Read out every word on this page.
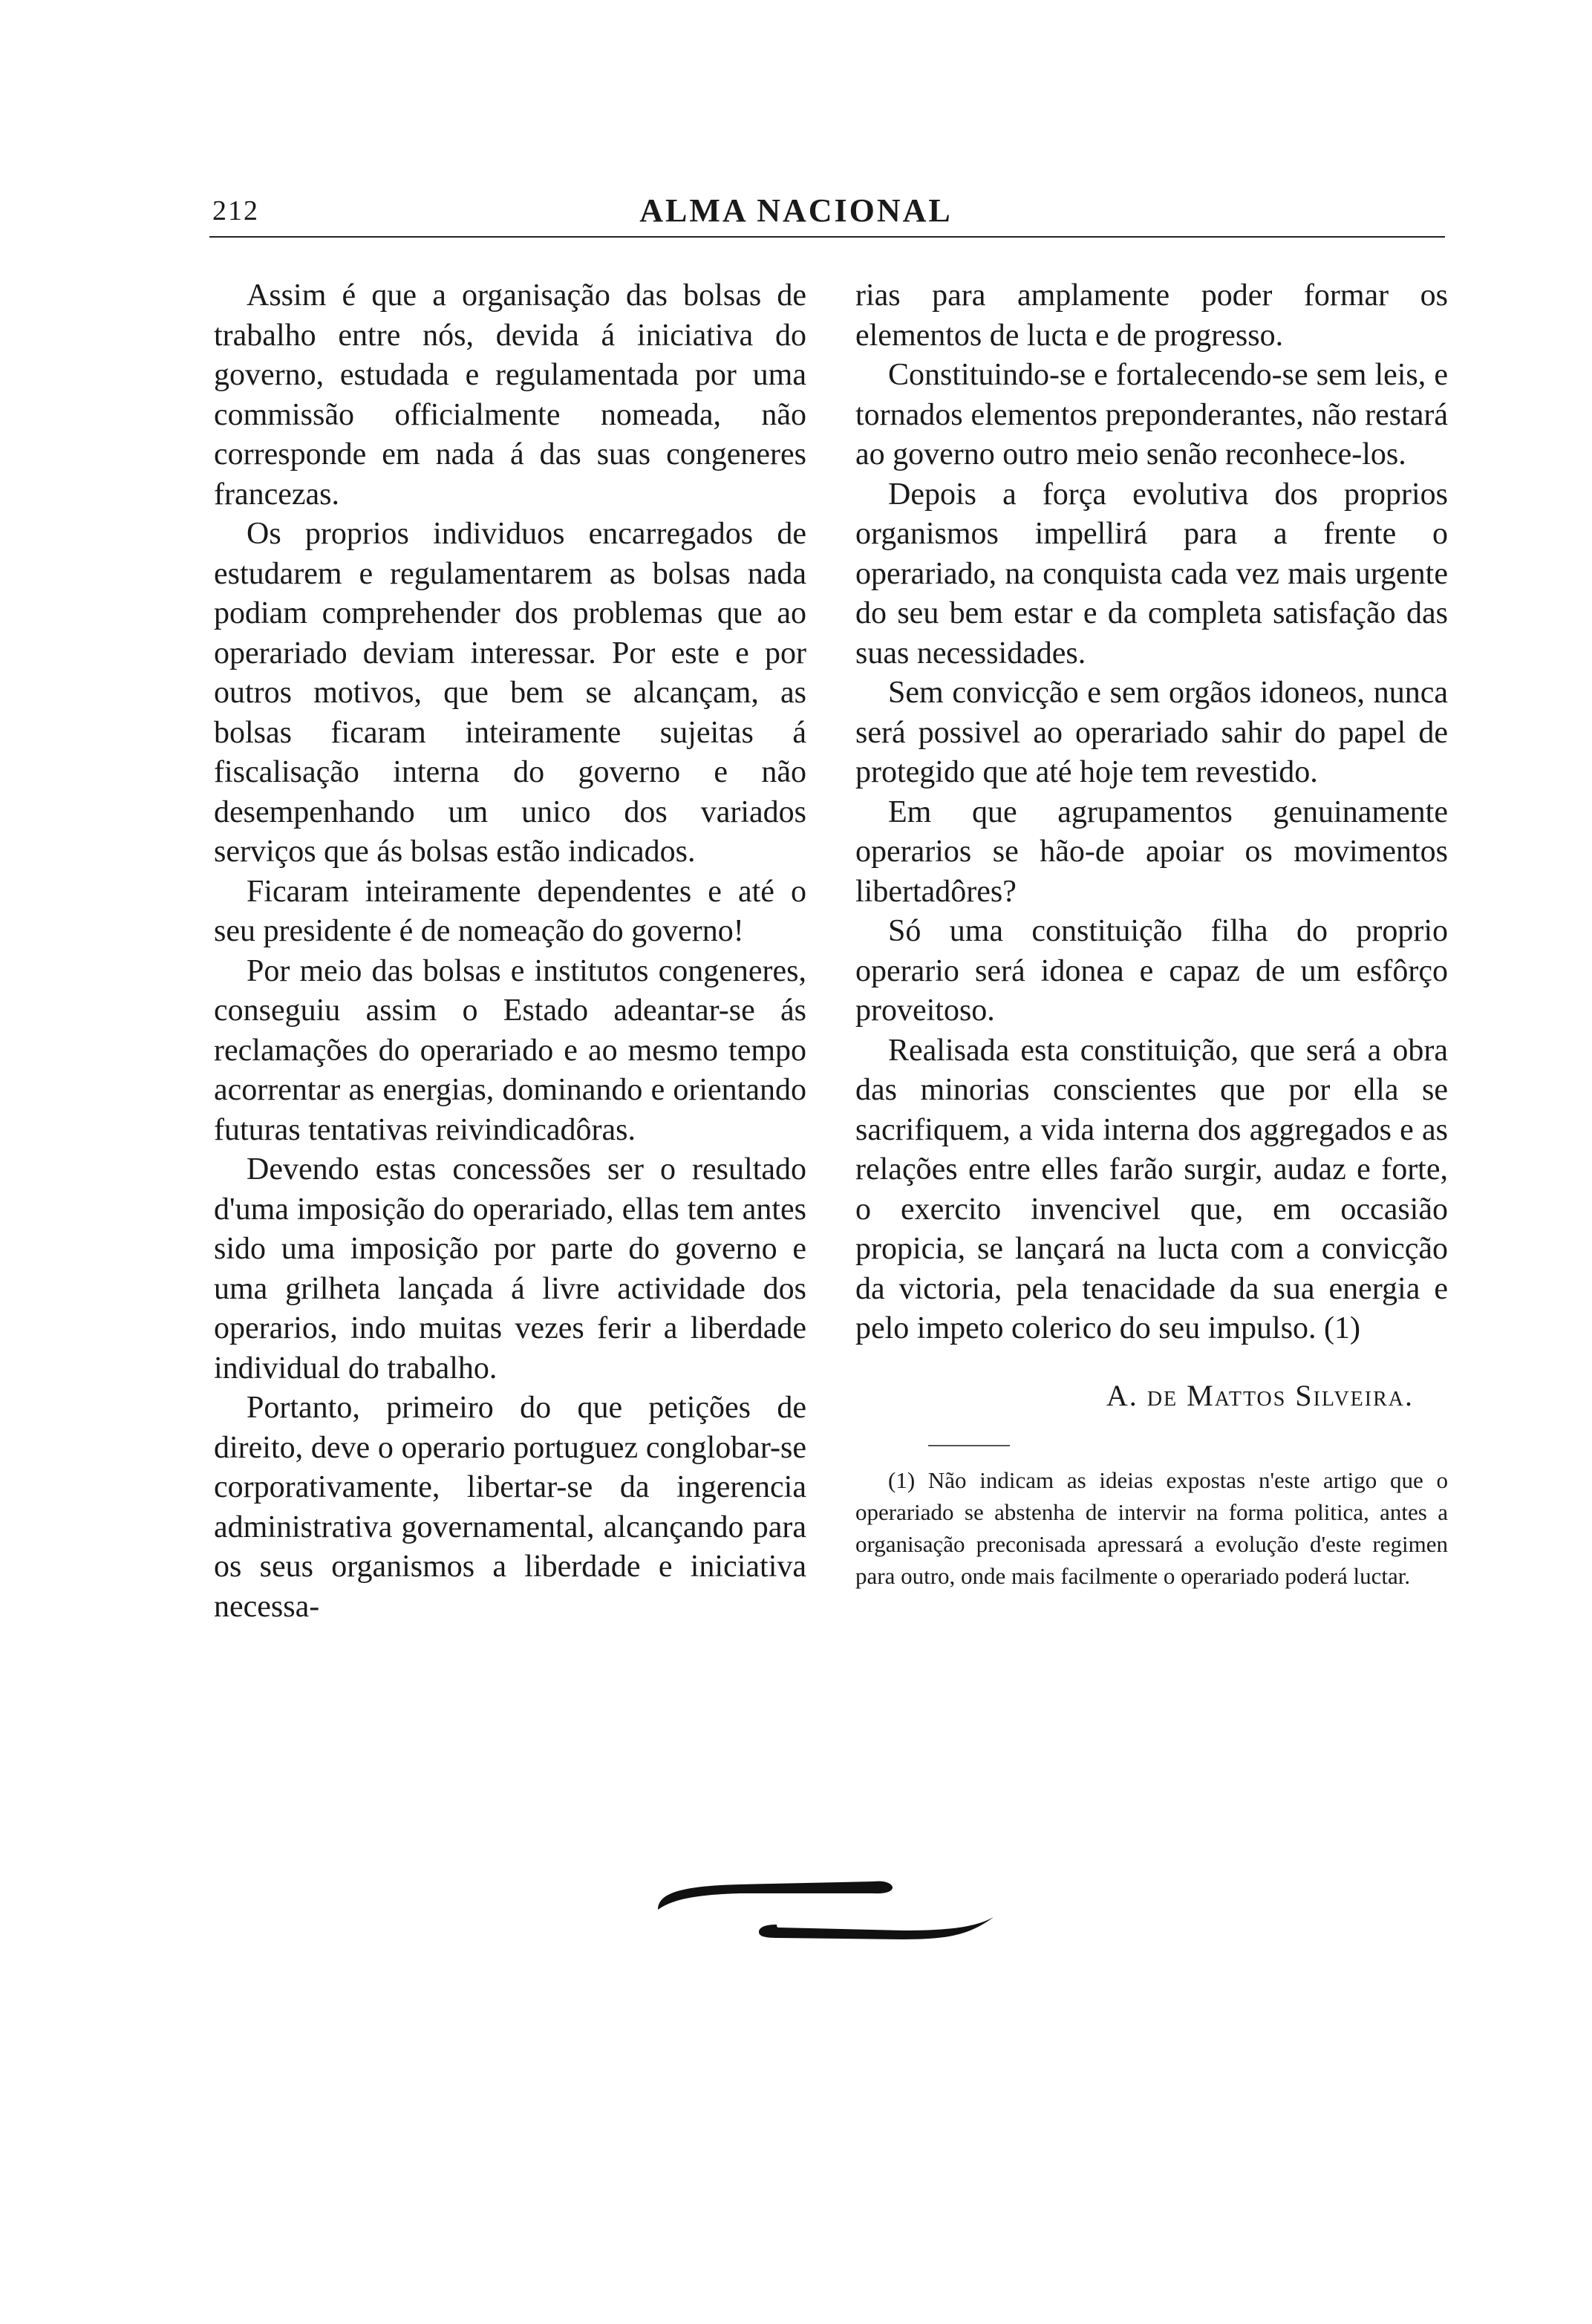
212	ALMA NACIONAL

Assim é que a organisação das bolsas de trabalho entre nós, devida á iniciativa do governo, estudada e regulamentada por uma commissão officialmente nomeada, não corresponde em nada á das suas congeneres francezas.

Os proprios individuos encarregados de estudarem e regulamentarem as bolsas nada podiam comprehender dos problemas que ao operariado deviam interessar. Por este e por outros motivos, que bem se alcançam, as bolsas ficaram inteiramente sujeitas á fiscalisação interna do governo e não desempenhando um unico dos variados serviços que ás bolsas estão indicados.

Ficaram inteiramente dependentes e até o seu presidente é de nomeação do governo!

Por meio das bolsas e institutos congeneres, conseguiu assim o Estado adeantar-se ás reclamações do operariado e ao mesmo tempo acorrentar as energias, dominando e orientando futuras tentativas reivindicadôras.

Devendo estas concessões ser o resultado d'uma imposição do operariado, ellas tem antes sido uma imposição por parte do governo e uma grilheta lançada á livre actividade dos operarios, indo muitas vezes ferir a liberdade individual do trabalho.

Portanto, primeiro do que petições de direito, deve o operario portuguez conglobar-se corporativamente, libertar-se da ingerencia administrativa governamental, alcançando para os seus organismos a liberdade e iniciativa necessa-

rias para amplamente poder formar os elementos de lucta e de progresso.

Constituindo-se e fortalecendo-se sem leis, e tornados elementos preponderantes, não restará ao governo outro meio senão reconhece-los.

Depois a força evolutiva dos proprios organismos impellirá para a frente o operariado, na conquista cada vez mais urgente do seu bem estar e da completa satisfação das suas necessidades.

Sem convicção e sem orgãos idoneos, nunca será possivel ao operariado sahir do papel de protegido que até hoje tem revestido.

Em que agrupamentos genuinamente operarios se hão-de apoiar os movimentos libertadôres?

Só uma constituição filha do proprio operario será idonea e capaz de um esfôrço proveitoso.

Realisada esta constituição, que será a obra das minorias conscientes que por ella se sacrifiquem, a vida interna dos aggregados e as relações entre elles farão surgir, audaz e forte, o exercito invencivel que, em occasião propicia, se lançará na lucta com a convicção da victoria, pela tenacidade da sua energia e pelo impeto colerico do seu impulso. (1)

A. de Mattos Silveira.

(1) Não indicam as ideias expostas n'este artigo que o operariado se abstenha de intervir na forma politica, antes a organisação preconisada apressará a evolução d'este regimen para outro, onde mais facilmente o operariado poderá luctar.
